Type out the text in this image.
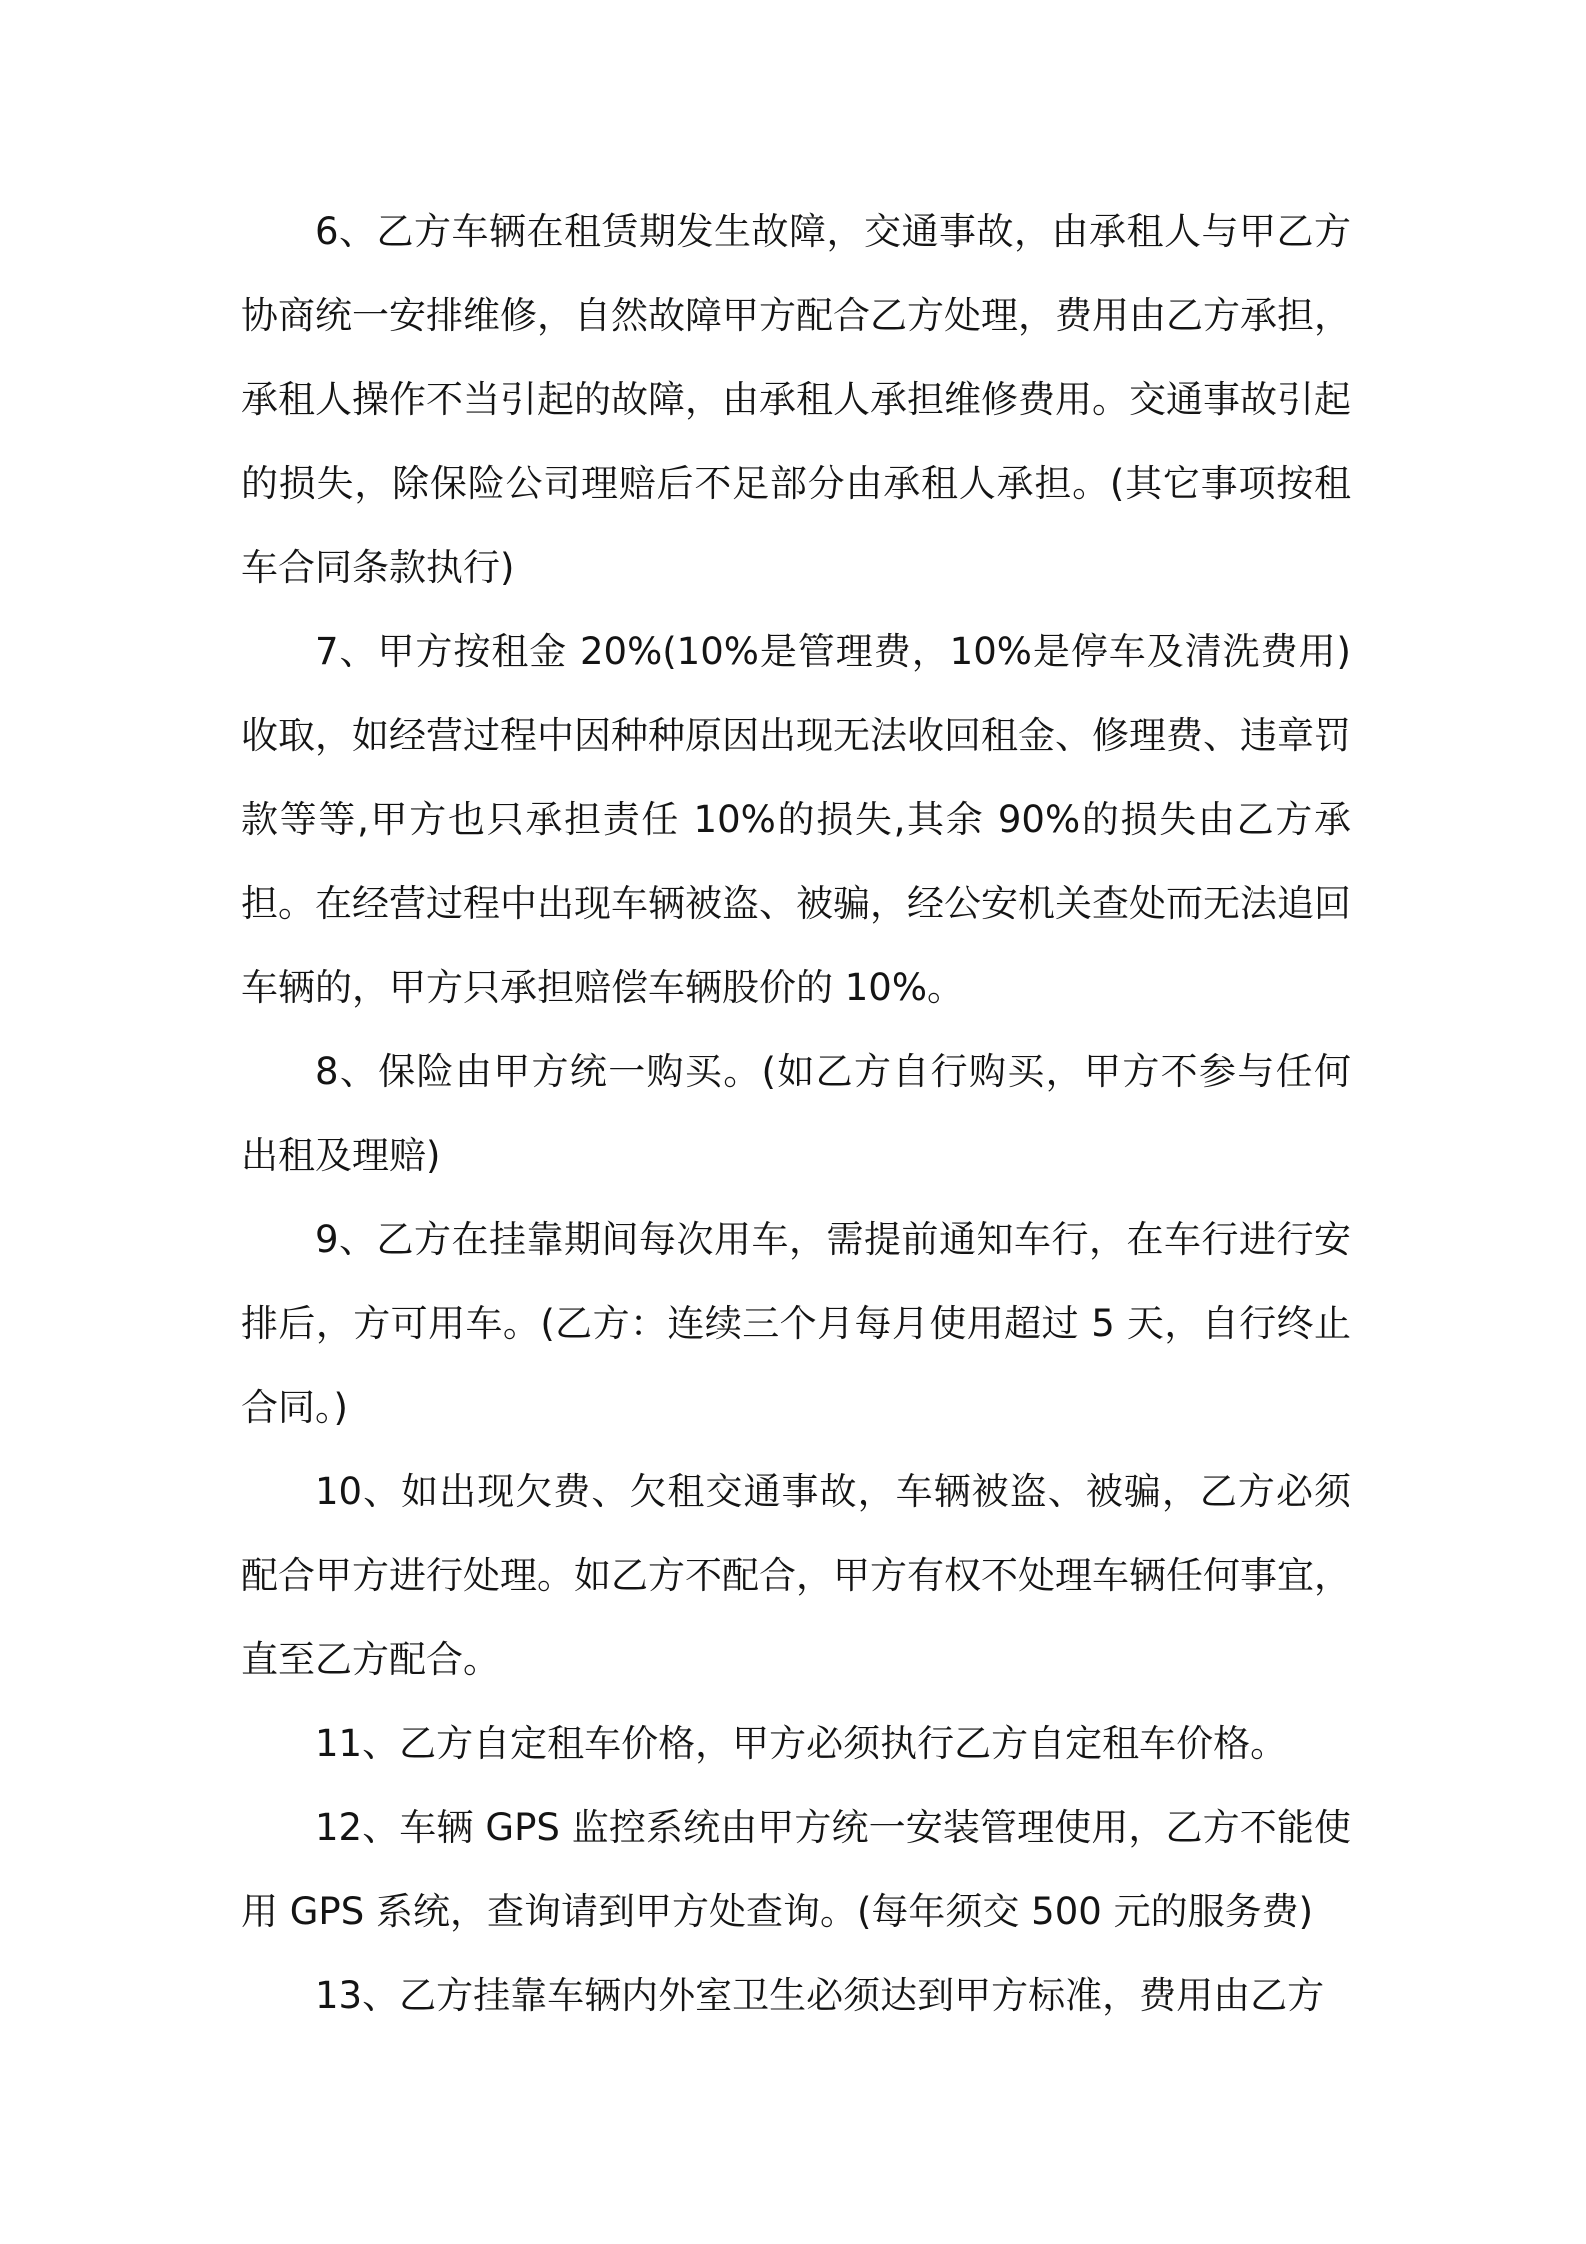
6、乙方车辆在租赁期发生故障，交通事故，由承租人与甲乙方协商统一安排维修，自然故障甲方配合乙方处理，费用由乙方承担，承租人操作不当引起的故障，由承租人承担维修费用。交通事故引起的损失，除保险公司理赔后不足部分由承租人承担。(其它事项按租车合同条款执行)

7、甲方按租金 20%(10%是管理费，10%是停车及清洗费用)收取，如经营过程中因种种原因出现无法收回租金、修理费、违章罚款等等,甲方也只承担责任 10%的损失,其余 90%的损失由乙方承担。在经营过程中出现车辆被盗、被骗，经公安机关查处而无法追回车辆的，甲方只承担赔偿车辆股价的 10%。

8、保险由甲方统一购买。(如乙方自行购买，甲方不参与任何出租及理赔)

9、乙方在挂靠期间每次用车，需提前通知车行，在车行进行安排后，方可用车。(乙方：连续三个月每月使用超过 5 天，自行终止合同。)

10、如出现欠费、欠租交通事故，车辆被盗、被骗，乙方必须配合甲方进行处理。如乙方不配合，甲方有权不处理车辆任何事宜，直至乙方配合。

11、乙方自定租车价格，甲方必须执行乙方自定租车价格。

12、车辆 GPS 监控系统由甲方统一安装管理使用，乙方不能使用 GPS 系统，查询请到甲方处查询。(每年须交 500 元的服务费)

13、乙方挂靠车辆内外室卫生必须达到甲方标准，费用由乙方
